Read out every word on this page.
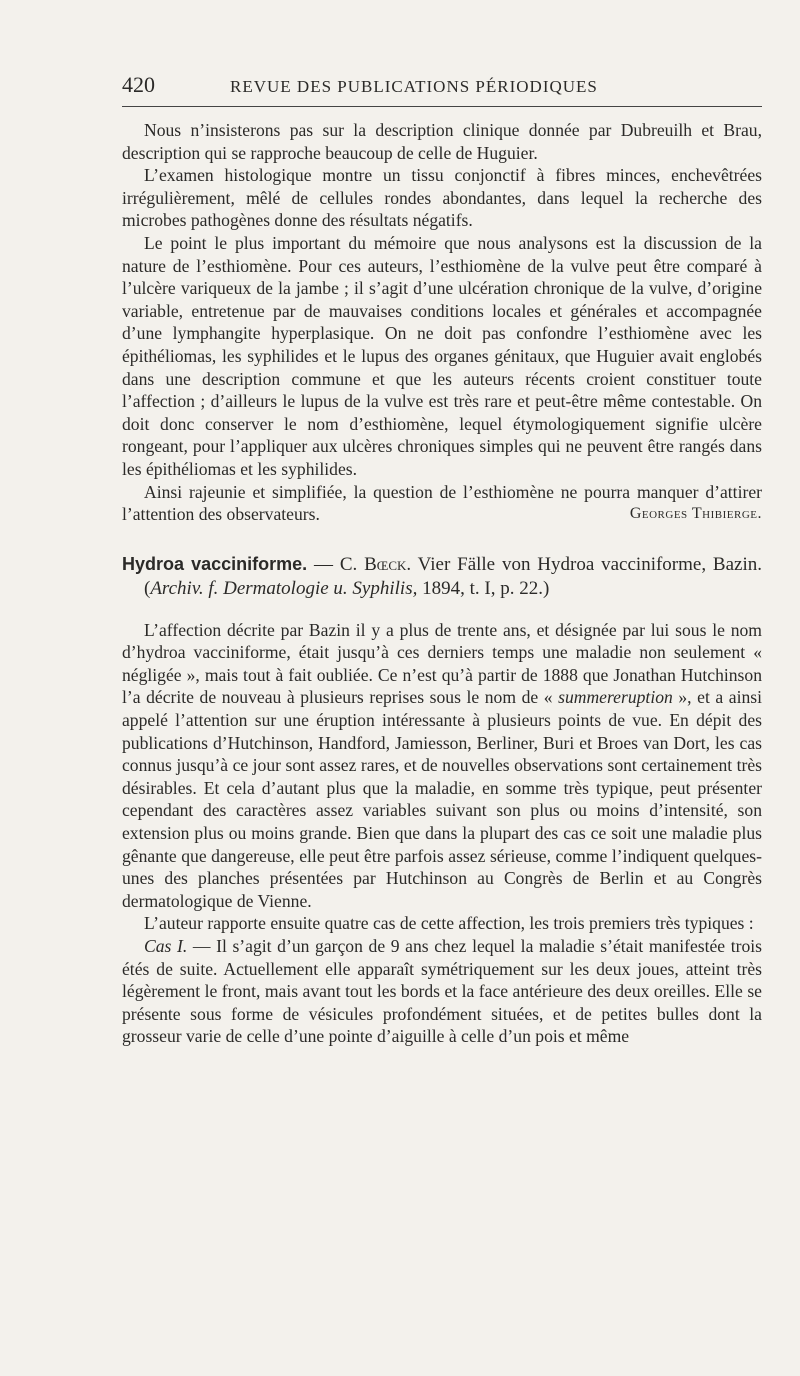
420	REVUE DES PUBLICATIONS PÉRIODIQUES

Nous n’insisterons pas sur la description clinique donnée par Dubreuilh et Brau, description qui se rapproche beaucoup de celle de Huguier.

L’examen histologique montre un tissu conjonctif à fibres minces, enchevêtrées irrégulièrement, mêlé de cellules rondes abondantes, dans lequel la recherche des microbes pathogènes donne des résultats négatifs.

Le point le plus important du mémoire que nous analysons est la discussion de la nature de l’esthiomène. Pour ces auteurs, l’esthiomène de la vulve peut être comparé à l’ulcère variqueux de la jambe ; il s’agit d’une ulcération chronique de la vulve, d’origine variable, entretenue par de mauvaises conditions locales et générales et accompagnée d’une lymphangite hyperplasique. On ne doit pas confondre l’esthiomène avec les épithéliomas, les syphilides et le lupus des organes génitaux, que Huguier avait englobés dans une description commune et que les auteurs récents croient constituer toute l’affection ; d’ailleurs le lupus de la vulve est très rare et peut-être même contestable. On doit donc conserver le nom d’esthiomène, lequel étymologiquement signifie ulcère rongeant, pour l’appliquer aux ulcères chroniques simples qui ne peuvent être rangés dans les épithéliomas et les syphilides.

Ainsi rajeunie et simplifiée, la question de l’esthiomène ne pourra manquer d’attirer l’attention des observateurs.	Georges Thibierge.

Hydroa vacciniforme. — C. Bœck. Vier Fälle von Hydroa vacciniforme, Bazin. (Archiv. f. Dermatologie u. Syphilis, 1894, t. I, p. 22.)

L’affection décrite par Bazin il y a plus de trente ans, et désignée par lui sous le nom d’hydroa vacciniforme, était jusqu’à ces derniers temps une maladie non seulement « négligée », mais tout à fait oubliée. Ce n’est qu’à partir de 1888 que Jonathan Hutchinson l’a décrite de nouveau à plusieurs reprises sous le nom de « summereruption », et a ainsi appelé l’attention sur une éruption intéressante à plusieurs points de vue. En dépit des publications d’Hutchinson, Handford, Jamiesson, Berliner, Buri et Broes van Dort, les cas connus jusqu’à ce jour sont assez rares, et de nouvelles observations sont certainement très désirables. Et cela d’autant plus que la maladie, en somme très typique, peut présenter cependant des caractères assez variables suivant son plus ou moins d’intensité, son extension plus ou moins grande. Bien que dans la plupart des cas ce soit une maladie plus gênante que dangereuse, elle peut être parfois assez sérieuse, comme l’indiquent quelques-unes des planches présentées par Hutchinson au Congrès de Berlin et au Congrès dermatologique de Vienne.

L’auteur rapporte ensuite quatre cas de cette affection, les trois premiers très typiques :

Cas I. — Il s’agit d’un garçon de 9 ans chez lequel la maladie s’était manifestée trois étés de suite. Actuellement elle apparaît symétriquement sur les deux joues, atteint très légèrement le front, mais avant tout les bords et la face antérieure des deux oreilles. Elle se présente sous forme de vésicules profondément situées, et de petites bulles dont la grosseur varie de celle d’une pointe d’aiguille à celle d’un pois et même
